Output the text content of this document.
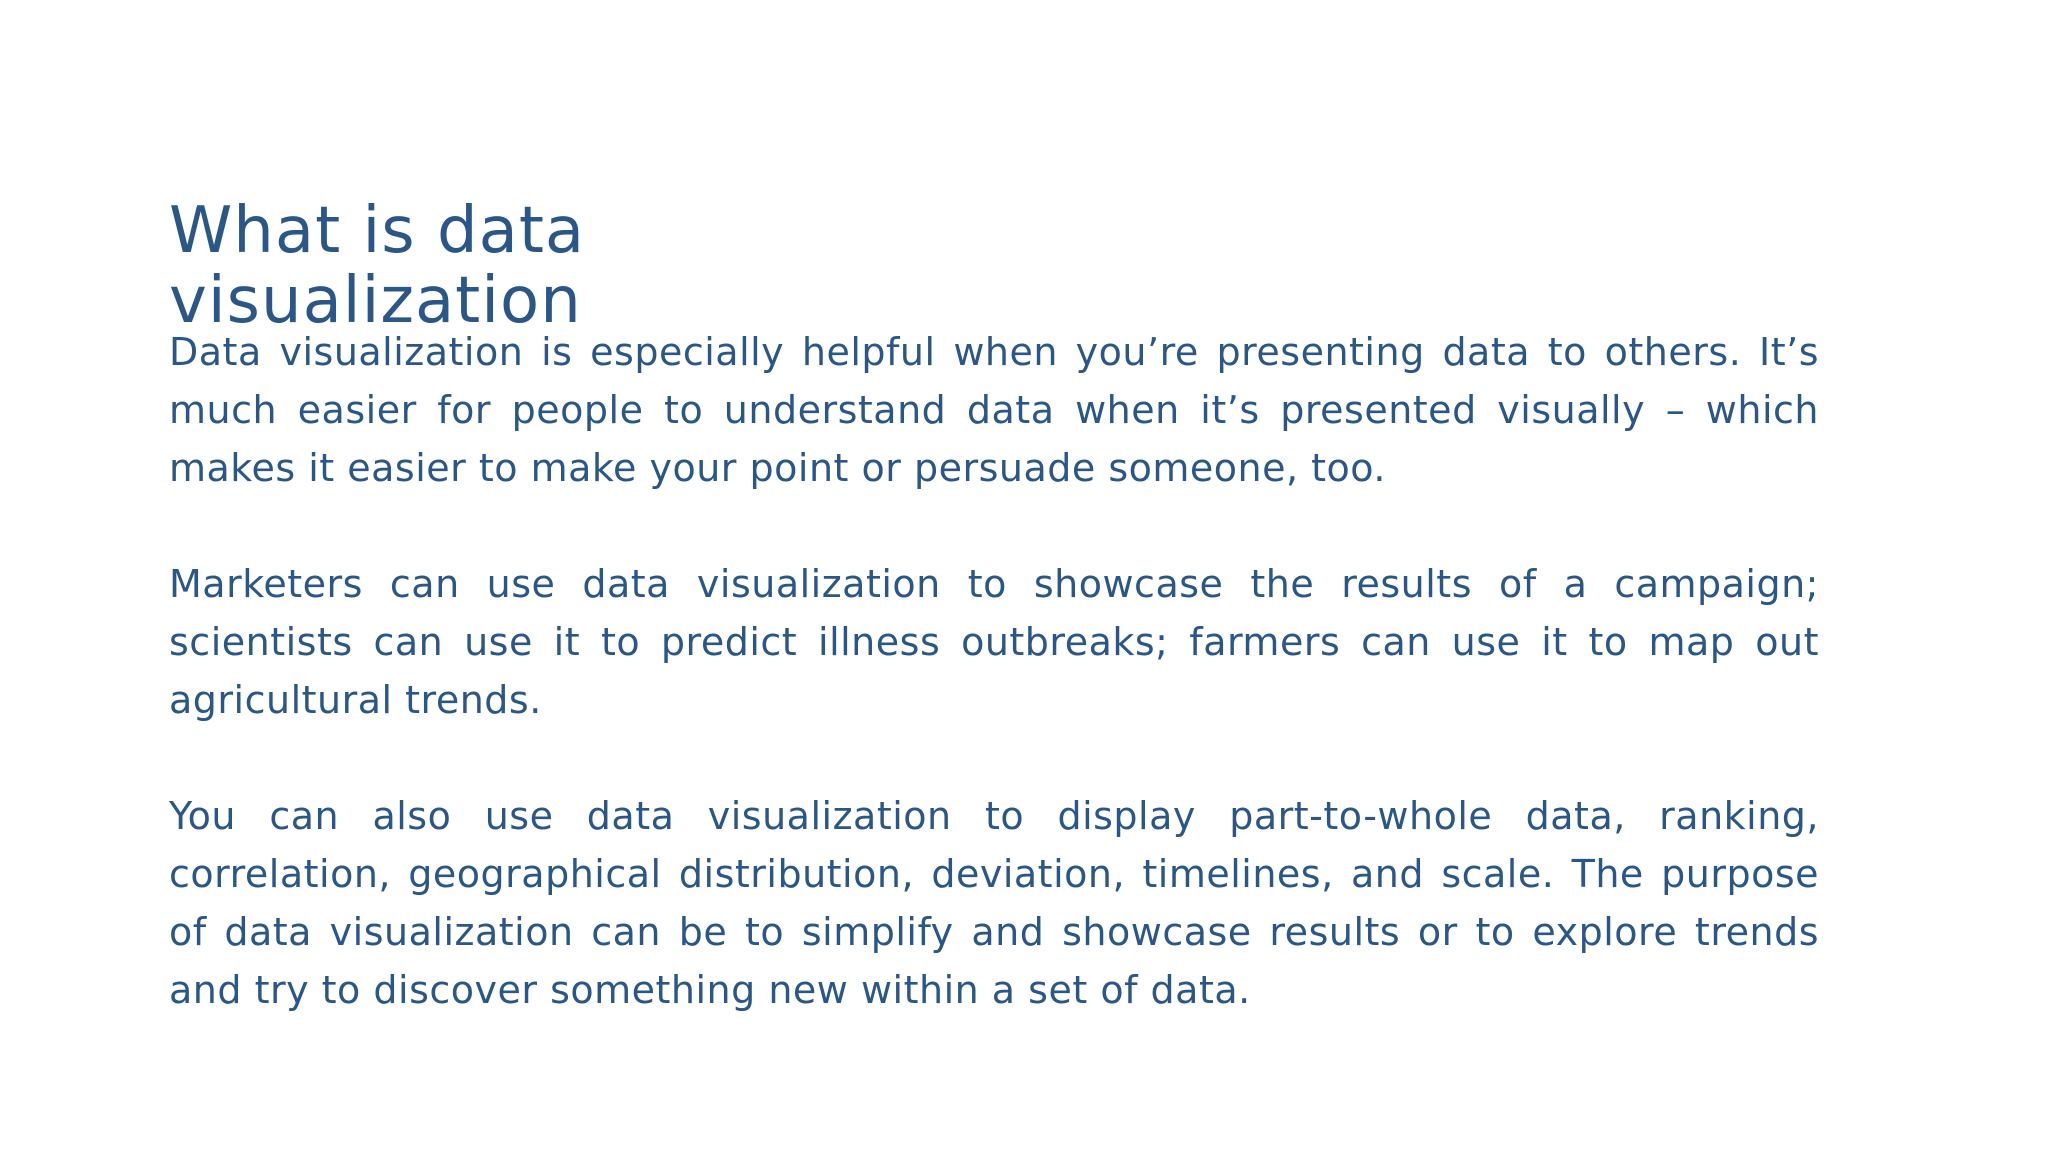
What is data visualization

Data visualization is especially helpful when you’re presenting data to others. It’s much easier for people to understand data when it’s presented visually – which makes it easier to make your point or persuade someone, too.

Marketers can use data visualization to showcase the results of a campaign; scientists can use it to predict illness outbreaks; farmers can use it to map out agricultural trends.

You can also use data visualization to display part-to-whole data, ranking, correlation, geographical distribution, deviation, timelines, and scale. The purpose of data visualization can be to simplify and showcase results or to explore trends and try to discover something new within a set of data.
